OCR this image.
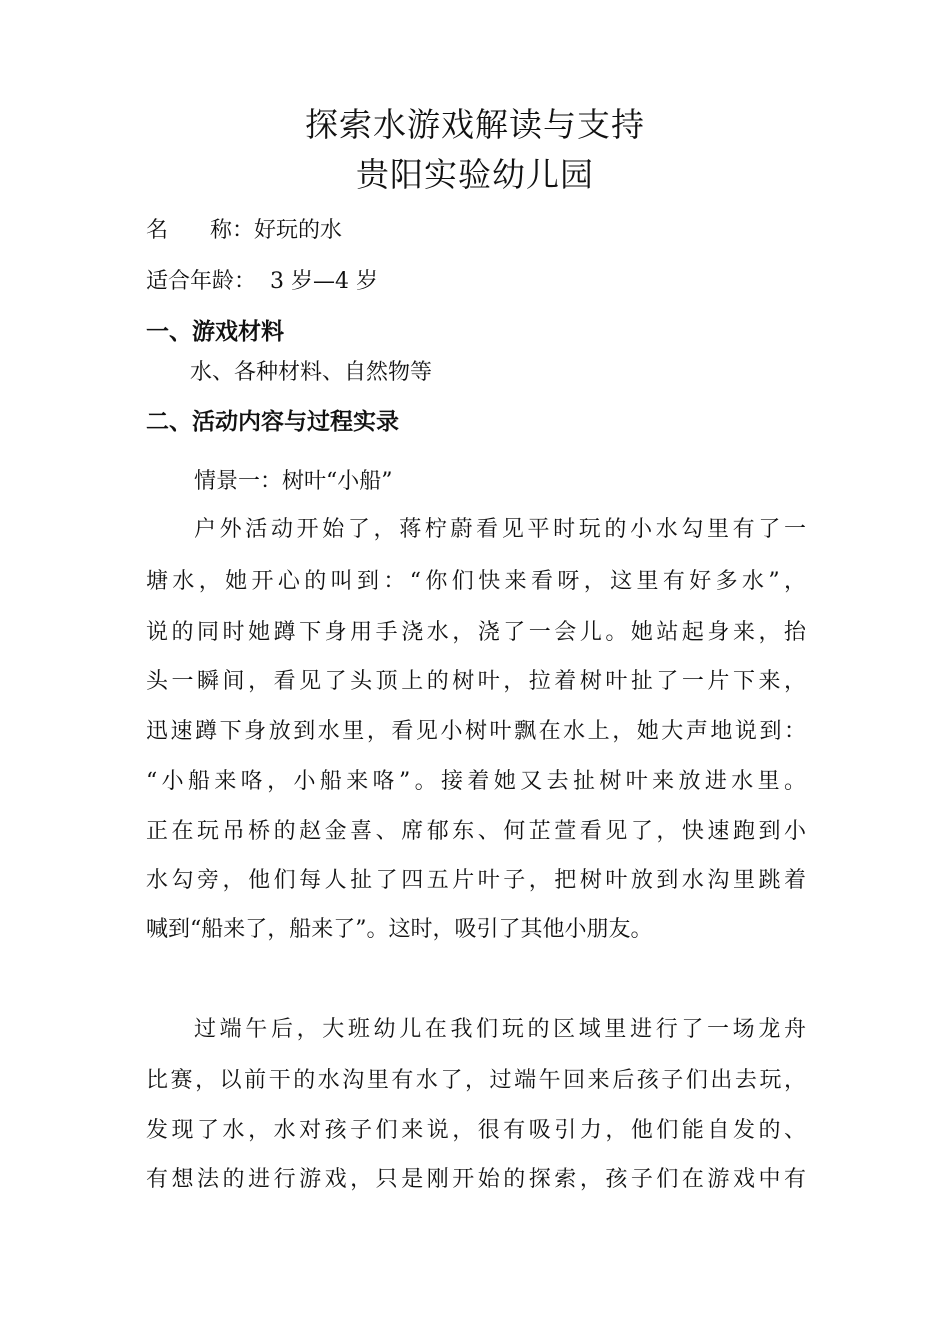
探索水游戏解读与支持
贵阳实验幼儿园
名      称：好玩的水
适合年龄：  3 岁—4 岁
一、游戏材料
水、各种材料、自然物等
二、活动内容与过程实录
情景一：树叶“小船”
户外活动开始了，蒋柠蔚看见平时玩的小水勾里有了一
塘水，她开心的叫到：“你们快来看呀，这里有好多水”，
说的同时她蹲下身用手浇水，浇了一会儿。她站起身来，抬
头一瞬间，看见了头顶上的树叶，拉着树叶扯了一片下来，
迅速蹲下身放到水里，看见小树叶飘在水上，她大声地说到：
“小船来咯，小船来咯”。接着她又去扯树叶来放进水里。
正在玩吊桥的赵金喜、席郁东、何芷萱看见了，快速跑到小
水勾旁，他们每人扯了四五片叶子，把树叶放到水沟里跳着
喊到“船来了，船来了”。这时，吸引了其他小朋友。
过端午后，大班幼儿在我们玩的区域里进行了一场龙舟
比赛，以前干的水沟里有水了，过端午回来后孩子们出去玩，
发现了水，水对孩子们来说，很有吸引力，他们能自发的、
有想法的进行游戏，只是刚开始的探索，孩子们在游戏中有
